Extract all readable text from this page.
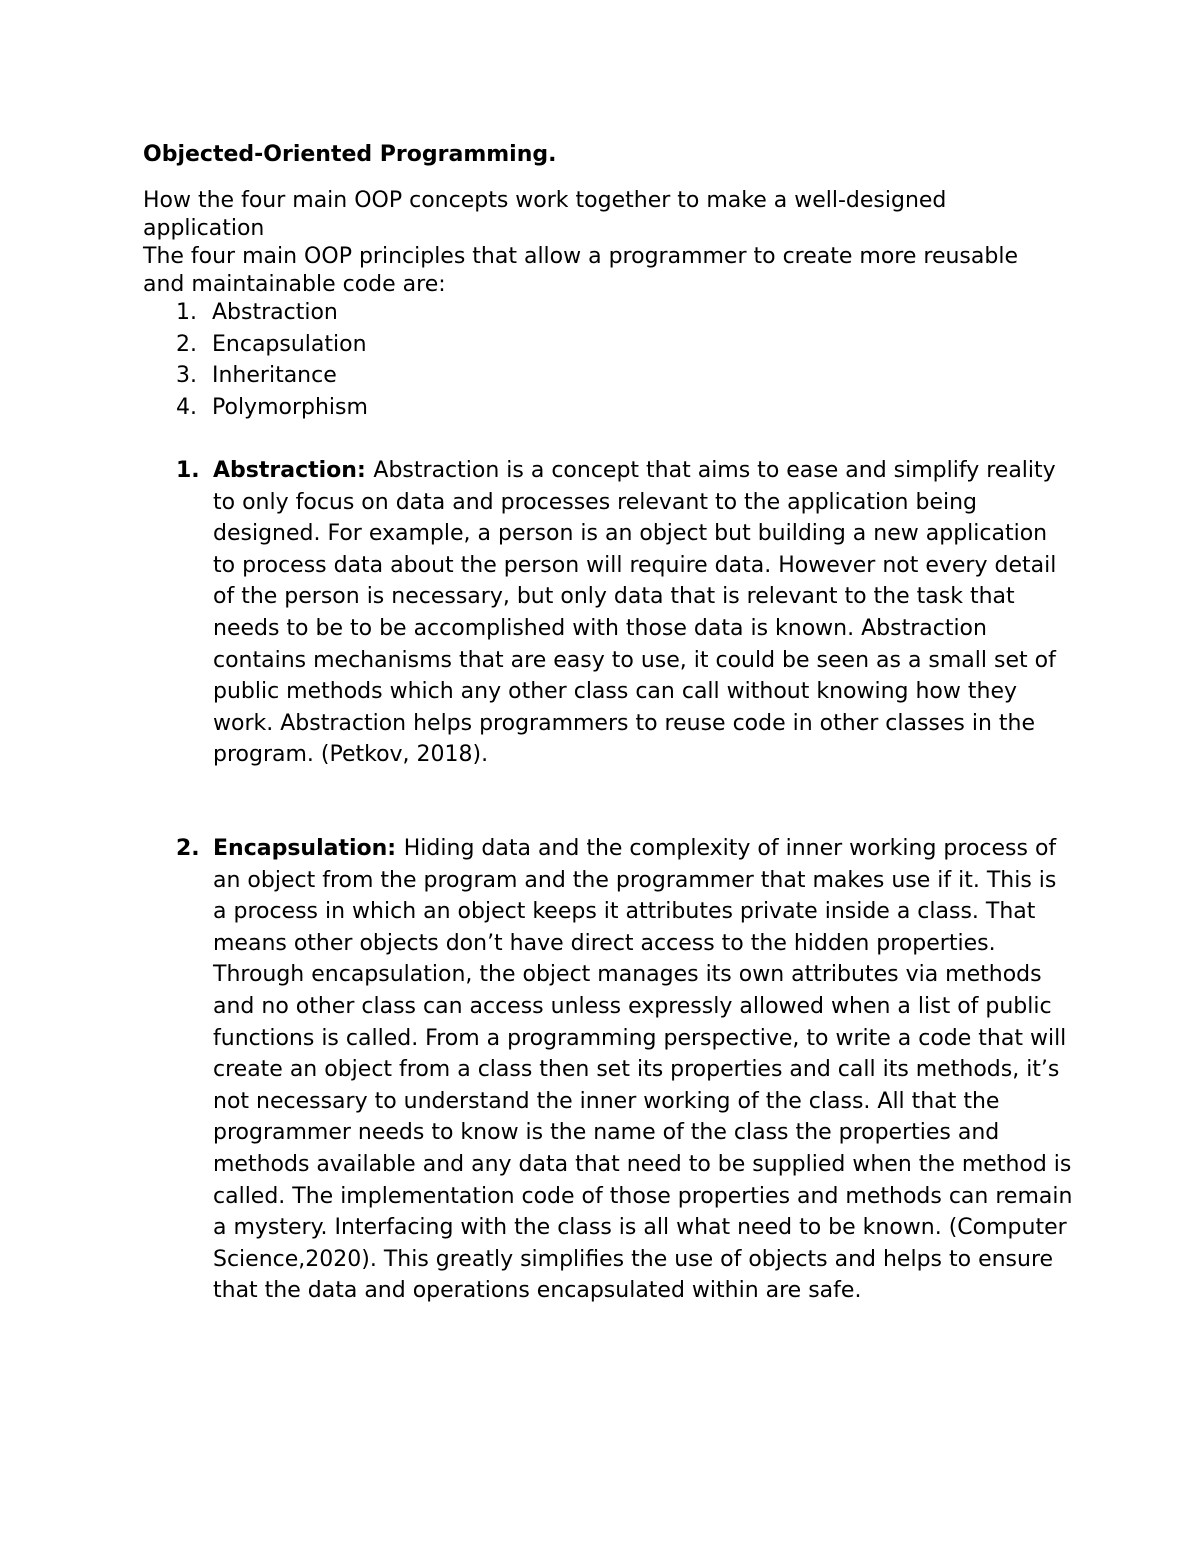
Objected-Oriented Programming.

How the four main OOP concepts work together to make a well-designed application

The four main OOP principles that allow a programmer to create more reusable and maintainable code are:

1. Abstraction
2. Encapsulation
3. Inheritance
4. Polymorphism
1. Abstraction: Abstraction is a concept that aims to ease and simplify reality to only focus on data and processes relevant to the application being designed. For example, a person is an object but building a new application to process data about the person will require data. However not every detail of the person is necessary, but only data that is relevant to the task that needs to be to be accomplished with those data is known. Abstraction contains mechanisms that are easy to use, it could be seen as a small set of public methods which any other class can call without knowing how they work. Abstraction helps programmers to reuse code in other classes in the program. (Petkov, 2018).
2. Encapsulation: Hiding data and the complexity of inner working process of an object from the program and the programmer that makes use if it. This is a process in which an object keeps it attributes private inside a class. That means other objects don’t have direct access to the hidden properties. Through encapsulation, the object manages its own attributes via methods and no other class can access unless expressly allowed when a list of public functions is called. From a programming perspective, to write a code that will create an object from a class then set its properties and call its methods, it’s not necessary to understand the inner working of the class. All that the programmer needs to know is the name of the class the properties and methods available and any data that need to be supplied when the method is called. The implementation code of those properties and methods can remain a mystery. Interfacing with the class is all what need to be known. (Computer Science,2020). This greatly simplifies the use of objects and helps to ensure that the data and operations encapsulated within are safe.
